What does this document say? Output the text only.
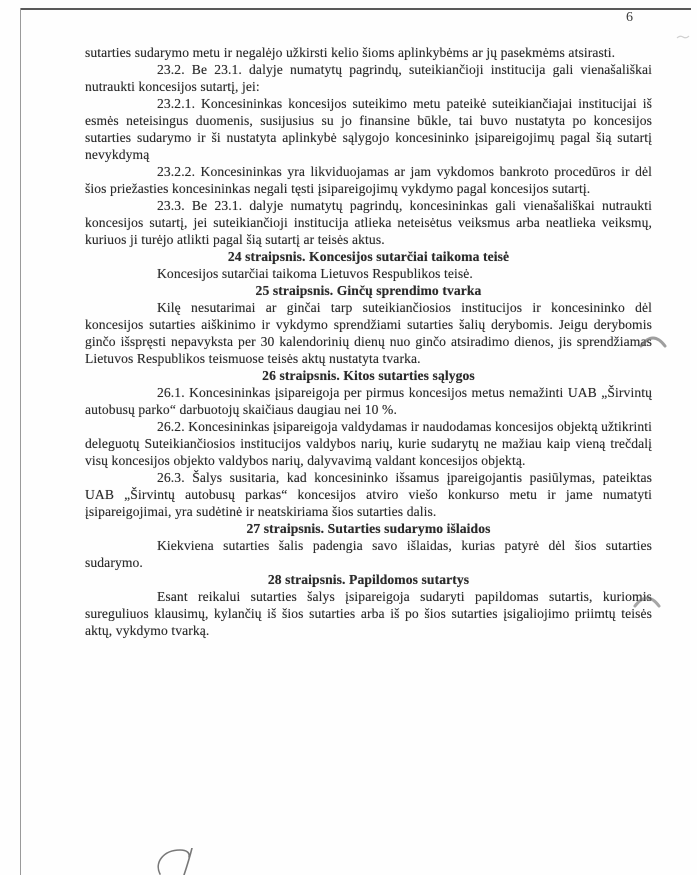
6

sutarties sudarymo metu ir negalėjo užkirsti kelio šioms aplinkybėms ar jų pasekmėms atsirasti.

23.2. Be 23.1. dalyje numatytų pagrindų, suteikiančioji institucija gali vienašališkai nutraukti koncesijos sutartį, jei:

23.2.1. Koncesininkas koncesijos suteikimo metu pateikė suteikiančiajai institucijai iš esmės neteisingus duomenis, susijusius su jo finansine būkle, tai buvo nustatyta po koncesijos sutarties sudarymo ir ši nustatyta aplinkybė sąlygojo koncesininko įsipareigojimų pagal šią sutartį nevykdymą

23.2.2. Koncesininkas yra likviduojamas ar jam vykdomos bankroto procedūros ir dėl šios priežasties koncesininkas negali tęsti įsipareigojimų vykdymo pagal koncesijos sutartį.

23.3. Be 23.1. dalyje numatytų pagrindų, koncesininkas gali vienašališkai nutraukti koncesijos sutartį, jei suteikiančioji institucija atlieka neteisėtus veiksmus arba neatlieka veiksmų, kuriuos ji turėjo atlikti pagal šią sutartį ar teisės aktus.

24 straipsnis. Koncesijos sutarčiai taikoma teisė

Koncesijos sutarčiai taikoma Lietuvos Respublikos teisė.

25 straipsnis. Ginčų sprendimo tvarka

Kilę nesutarimai ar ginčai tarp suteikiančiosios institucijos ir koncesininko dėl koncesijos sutarties aiškinimo ir vykdymo sprendžiami sutarties šalių derybomis. Jeigu derybomis ginčo išspręsti nepavyksta per 30 kalendorinių dienų nuo ginčo atsiradimo dienos, jis sprendžiamas Lietuvos Respublikos teismuose teisės aktų nustatyta tvarka.

26 straipsnis. Kitos sutarties sąlygos

26.1. Koncesininkas įsipareigoja per pirmus koncesijos metus nemažinti UAB „Širvintų autobusų parko“ darbuotojų skaičiaus daugiau nei 10 %.

26.2. Koncesininkas įsipareigoja valdydamas ir naudodamas koncesijos objektą užtikrinti deleguotų Suteikiančiosios institucijos valdybos narių, kurie sudarytų ne mažiau kaip vieną trečdalį visų koncesijos objekto valdybos narių, dalyvavimą valdant koncesijos objektą.

26.3. Šalys susitaria, kad koncesininko išsamus įpareigojantis pasiūlymas, pateiktas UAB „Širvintų autobusų parkas“ koncesijos atviro viešo konkurso metu ir jame numatyti įsipareigojimai, yra sudėtinė ir neatskiriama šios sutarties dalis.

27 straipsnis. Sutarties sudarymo išlaidos

Kiekviena sutarties šalis padengia savo išlaidas, kurias patyrė dėl šios sutarties sudarymo.

28 straipsnis. Papildomos sutartys

Esant reikalui sutarties šalys įsipareigoja sudaryti papildomas sutartis, kuriomis sureguliuos klausimų, kylančių iš šios sutarties arba iš po šios sutarties įsigaliojimo priimtų teisės aktų, vykdymo tvarką.
